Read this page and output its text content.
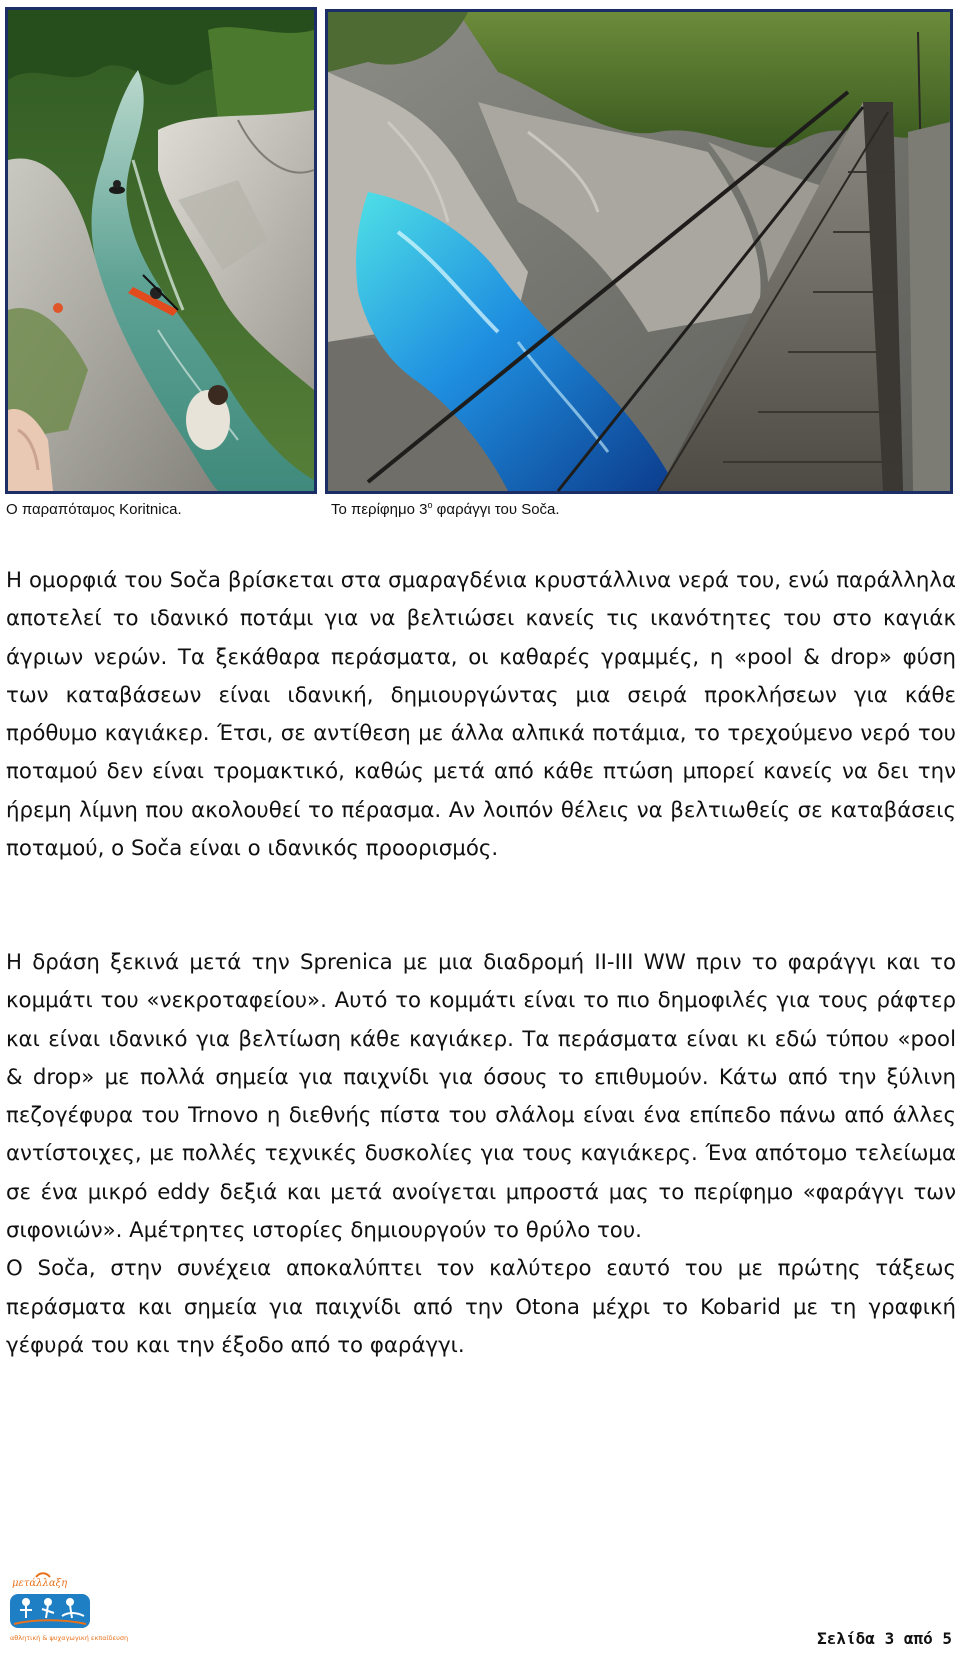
Ο παραπόταμος Koritnica.	Το περίφημο $3^o$ φαράγγι του Soča.

Η ομορφιά του Soča βρίσκεται στα σμαραγδένια κρυστάλλινα νερά του, ενώ παράλληλα αποτελεί το ιδανικό ποτάμι για να βελτιώσει κανείς τις ικανότητες του στο καγιάκ άγριων νερών. Τα ξεκάθαρα περάσματα, οι καθαρές γραμμές, η «pool & drop» φύση των καταβάσεων είναι ιδανική, δημιουργώντας μια σειρά προκλήσεων για κάθε πρόθυμο καγιάκερ. Έτσι, σε αντίθεση με άλλα αλπικά ποτάμια, το τρεχούμενο νερό του ποταμού δεν είναι τρομακτικό, καθώς μετά από κάθε πτώση μπορεί κανείς να δει την ήρεμη λίμνη που ακολουθεί το πέρασμα. Αν λοιπόν θέλεις να βελτιωθείς σε καταβάσεις ποταμού, ο Soča είναι ο ιδανικός προορισμός.

Η δράση ξεκινά μετά την Sprenica με μια διαδρομή II-III WW πριν το φαράγγι και το κομμάτι του «νεκροταφείου». Αυτό το κομμάτι είναι το πιο δημοφιλές για τους ράφτερ και είναι ιδανικό για βελτίωση κάθε καγιάκερ. Τα περάσματα είναι κι εδώ τύπου «pool & drop» με πολλά σημεία για παιχνίδι για όσους το επιθυμούν. Κάτω από την ξύλινη πεζογέφυρα του Trnovo η διεθνής πίστα του σλάλομ είναι ένα επίπεδο πάνω από άλλες αντίστοιχες, με πολλές τεχνικές δυσκολίες για τους καγιάκερς. Ένα απότομο τελείωμα σε ένα μικρό eddy δεξιά και μετά ανοίγεται μπροστά μας το περίφημο «φαράγγι των σιφονιών». Αμέτρητες ιστορίες δημιουργούν το θρύλο του.
Ο Soča, στην συνέχεια αποκαλύπτει τον καλύτερο εαυτό του με πρώτης τάξεως περάσματα και σημεία για παιχνίδι από την Otona μέχρι το Kobarid με τη γραφική γέφυρά του και την έξοδο από το φαράγγι.
μετάλλαξη
αθλητική & ψυχαγωγική εκπαίδευση	Σελίδα 3 από 5
